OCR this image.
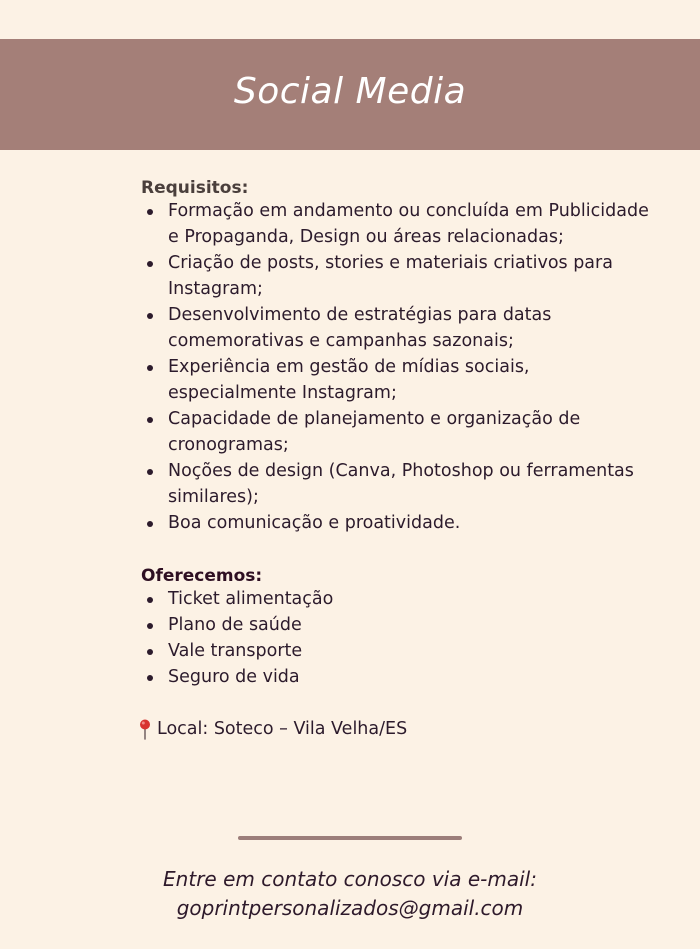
Social Media
Requisitos:
Formação em andamento ou concluída em Publicidade e Propaganda, Design ou áreas relacionadas;
Criação de posts, stories e materiais criativos para Instagram;
Desenvolvimento de estratégias para datas comemorativas e campanhas sazonais;
Experiência em gestão de mídias sociais, especialmente Instagram;
Capacidade de planejamento e organização de cronogramas;
Noções de design (Canva, Photoshop ou ferramentas similares);
Boa comunicação e proatividade.
Oferecemos:
Ticket alimentação
Plano de saúde
Vale transporte
Seguro de vida
Local: Soteco – Vila Velha/ES
Entre em contato conosco via e-mail:
goprintpersonalizados@gmail.com
